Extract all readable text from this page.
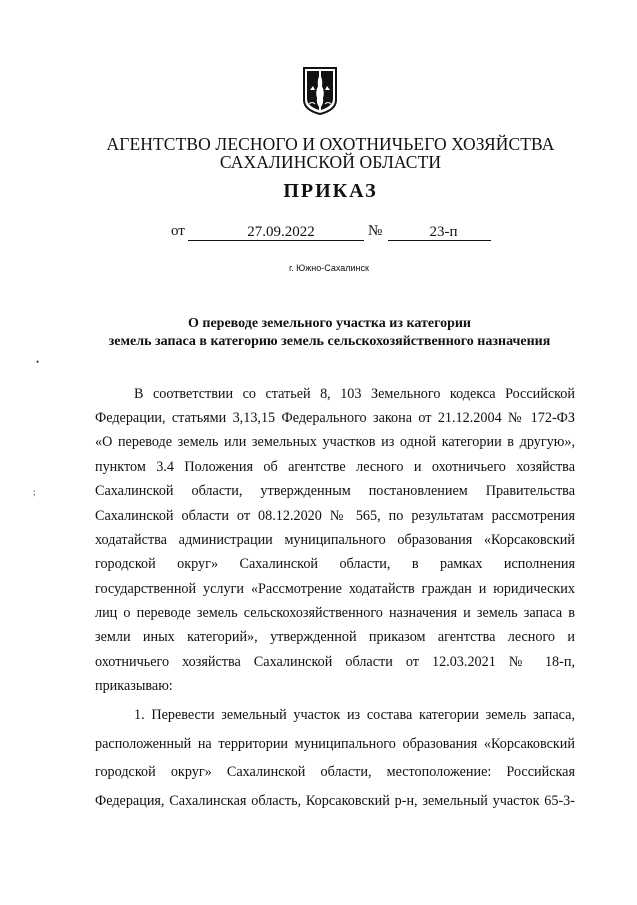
АГЕНТСТВО ЛЕСНОГО И ОХОТНИЧЬЕГО ХОЗЯЙСТВА
САХАЛИНСКОЙ ОБЛАСТИ
ПРИКАЗ
от	27.09.2022	№	23-п
г. Южно-Сахалинск
О переводе земельного участка из категории
земель запаса в категорию земель сельскохозяйственного назначения
•
;
В соответствии со статьей 8, 103 Земельного кодекса Российской
Федерации, статьями 3,13,15 Федерального закона от 21.12.2004 № 172-ФЗ
«О переводе земель или земельных участков из одной категории в другую»,
пунктом 3.4 Положения об агентстве лесного и охотничьего хозяйства
Сахалинской области, утвержденным постановлением Правительства
Сахалинской области от 08.12.2020 № 565, по результатам рассмотрения
ходатайства администрации муниципального образования «Корсаковский
городской округ» Сахалинской области, в рамках исполнения
государственной услуги «Рассмотрение ходатайств граждан и юридических
лиц о переводе земель сельскохозяйственного назначения и земель запаса в
земли иных категорий», утвержденной приказом агентства лесного и
охотничьего хозяйства Сахалинской области от 12.03.2021 № 18-п,
приказываю:
1. Перевести земельный участок из состава категории земель запаса,
расположенный на территории муниципального образования «Корсаковский
городской округ» Сахалинской области, местоположение: Российская
Федерация, Сахалинская область, Корсаковский р-н, земельный участок 65-3-
